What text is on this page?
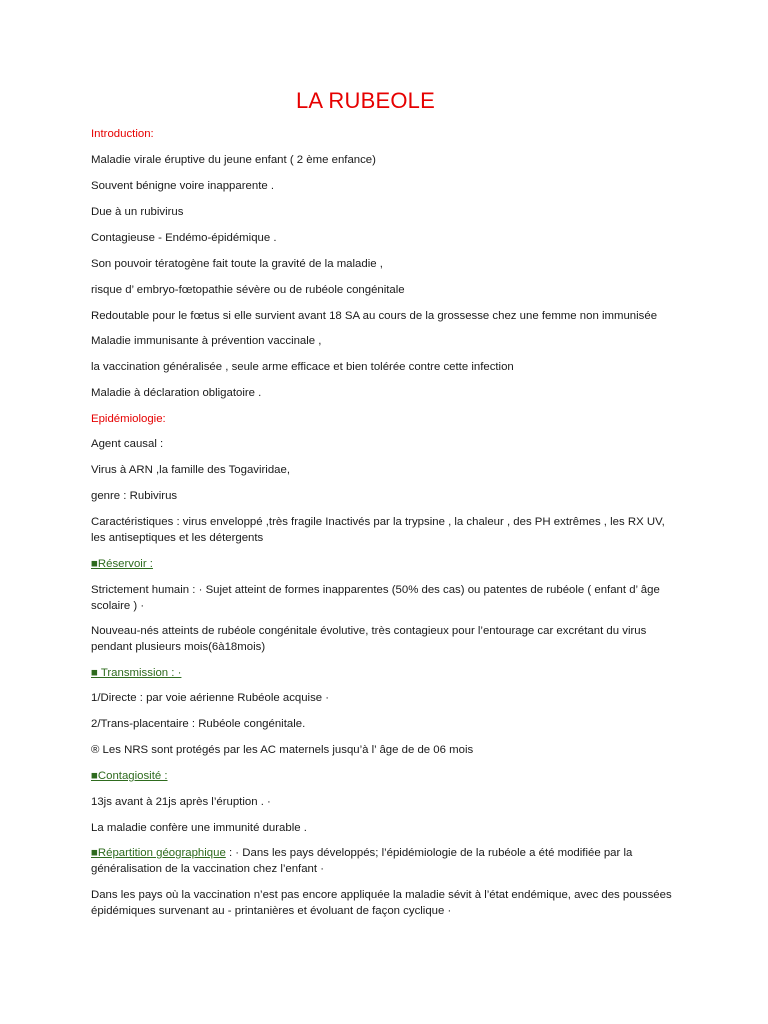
LA RUBEOLE
Introduction:
Maladie virale éruptive du jeune enfant ( 2 ème enfance)
Souvent bénigne voire inapparente .
Due à un rubivirus
Contagieuse - Endémo-épidémique .
Son pouvoir tératogène fait toute la gravité de la maladie ,
risque d’ embryo-fœtopathie sévère ou de rubéole congénitale
Redoutable pour le fœtus si elle survient avant 18 SA au cours de la grossesse chez une femme non immunisée
Maladie immunisante à prévention vaccinale ,
la vaccination généralisée , seule arme efficace et bien tolérée contre cette infection
Maladie à déclaration obligatoire .
Epidémiologie:
Agent causal :
Virus à ARN ,la famille des Togaviridae,
genre : Rubivirus
Caractéristiques : virus enveloppé ,très fragile Inactivés par la trypsine , la chaleur , des PH extrêmes , les RX UV, les antiseptiques et les détergents
■Réservoir :
Strictement humain : · Sujet atteint de formes inapparentes (50% des cas) ou patentes de rubéole ( enfant d’ âge scolaire ) ·
Nouveau-nés atteints de rubéole congénitale évolutive, très contagieux pour l’entourage car excrétant du virus pendant plusieurs mois(6à18mois)
■ Transmission : ·
1/Directe : par voie aérienne Rubéole acquise ·
2/Trans-placentaire : Rubéole congénitale.
® Les NRS sont protégés par les AC maternels jusqu’à l’ âge de de 06 mois
■Contagiosité :
13js avant à 21js après l’éruption . ·
La maladie confère une immunité durable .
■Répartition géographique : · Dans les pays développés; l’épidémiologie de la rubéole a été modifiée par la généralisation de la vaccination chez l’enfant ·
Dans les pays où la vaccination n’est pas encore appliquée la maladie sévit à l’état endémique, avec des poussées épidémiques survenant au - printanières et évoluant de façon cyclique ·
